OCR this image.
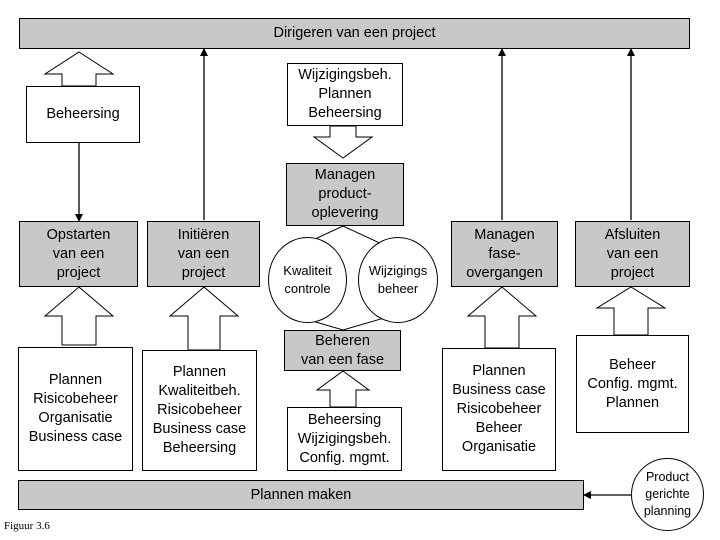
Dirigeren van een project
Plannen maken
Beheersing
Wijzigingsbeh.
Plannen
Beheersing
Opstarten
van een
project
Initiëren
van een
project
Managen
product-
oplevering
Managen
fase-
overgangen
Afsluiten
van een
project
Beheren
van een fase
Kwaliteit
controle
Wijzigings
beheer
Product
gerichte
planning
Plannen
Risicobeheer
Organisatie
Business case
Plannen
Kwaliteitbeh.
Risicobeheer
Business case
Beheersing
Beheersing
Wijzigingsbeh.
Config. mgmt.
Plannen
Business case
Risicobeheer
Beheer
Organisatie
Beheer
Config. mgmt.
Plannen
Figuur 3.6
